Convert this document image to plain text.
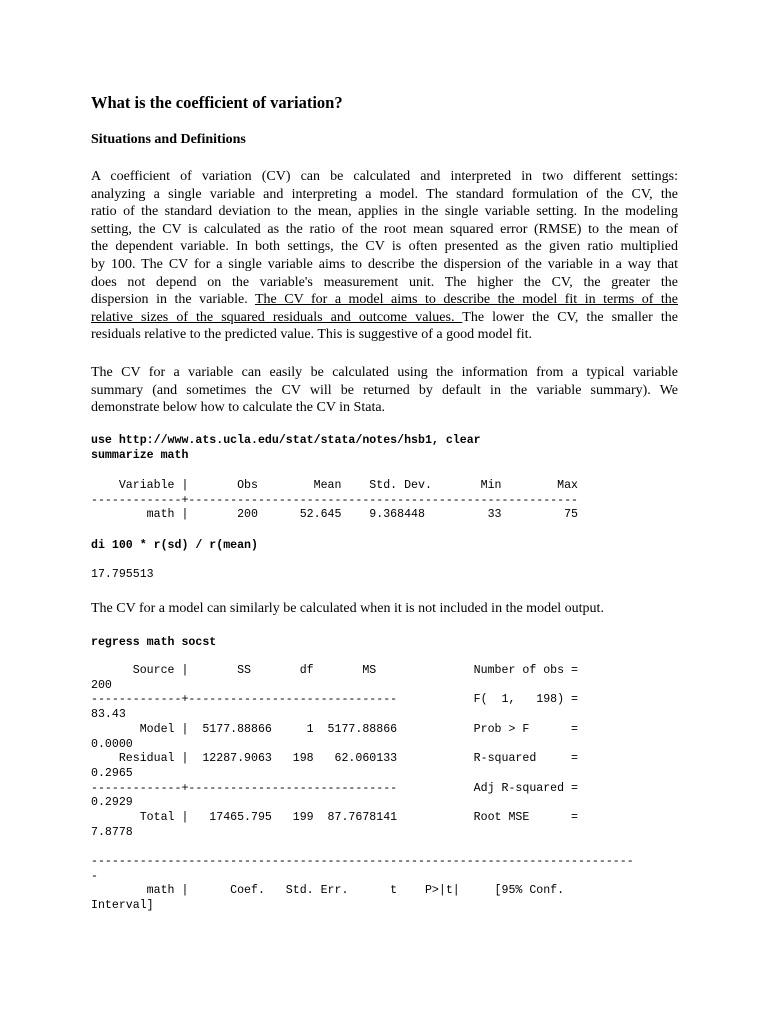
What is the coefficient of variation?
Situations and Definitions
A coefficient of variation (CV) can be calculated and interpreted in two different settings:
analyzing a single variable and interpreting a model. The standard formulation of the CV, the
ratio of the standard deviation to the mean, applies in the single variable setting. In the modeling
setting, the CV is calculated as the ratio of the root mean squared error (RMSE) to the mean of
the dependent variable. In both settings, the CV is often presented as the given ratio multiplied
by 100. The CV for a single variable aims to describe the dispersion of the variable in a way that
does not depend on the variable's measurement unit. The higher the CV, the greater the
dispersion in the variable. The CV for a model aims to describe the model fit in terms of the
relative sizes of the squared residuals and outcome values. The lower the CV, the smaller the
residuals relative to the predicted value. This is suggestive of a good model fit.
The CV for a variable can easily be calculated using the information from a typical variable
summary (and sometimes the CV will be returned by default in the variable summary). We
demonstrate below how to calculate the CV in Stata.
use http://www.ats.ucla.edu/stat/stata/notes/hsb1, clear
summarize math
Variable |       Obs        Mean    Std. Dev.       Min        Max
-------------+--------------------------------------------------------
math |       200      52.645    9.368448         33         75
di 100 * r(sd) / r(mean)
17.795513

The CV for a model can similarly be calculated when it is not included in the model output.

regress math socst
Source |       SS       df       MS              Number of obs =
200
-------------+------------------------------           F(  1,   198) =
83.43
Model |  5177.88866     1  5177.88866           Prob > F      =
0.0000
Residual |  12287.9063   198   62.060133           R-squared     =
0.2965
-------------+------------------------------           Adj R-squared =
0.2929
Total |   17465.795   199  87.7678141           Root MSE      =
7.8778
------------------------------------------------------------------------------
-
math |      Coef.   Std. Err.      t    P>|t|     [95% Conf.
Interval]
